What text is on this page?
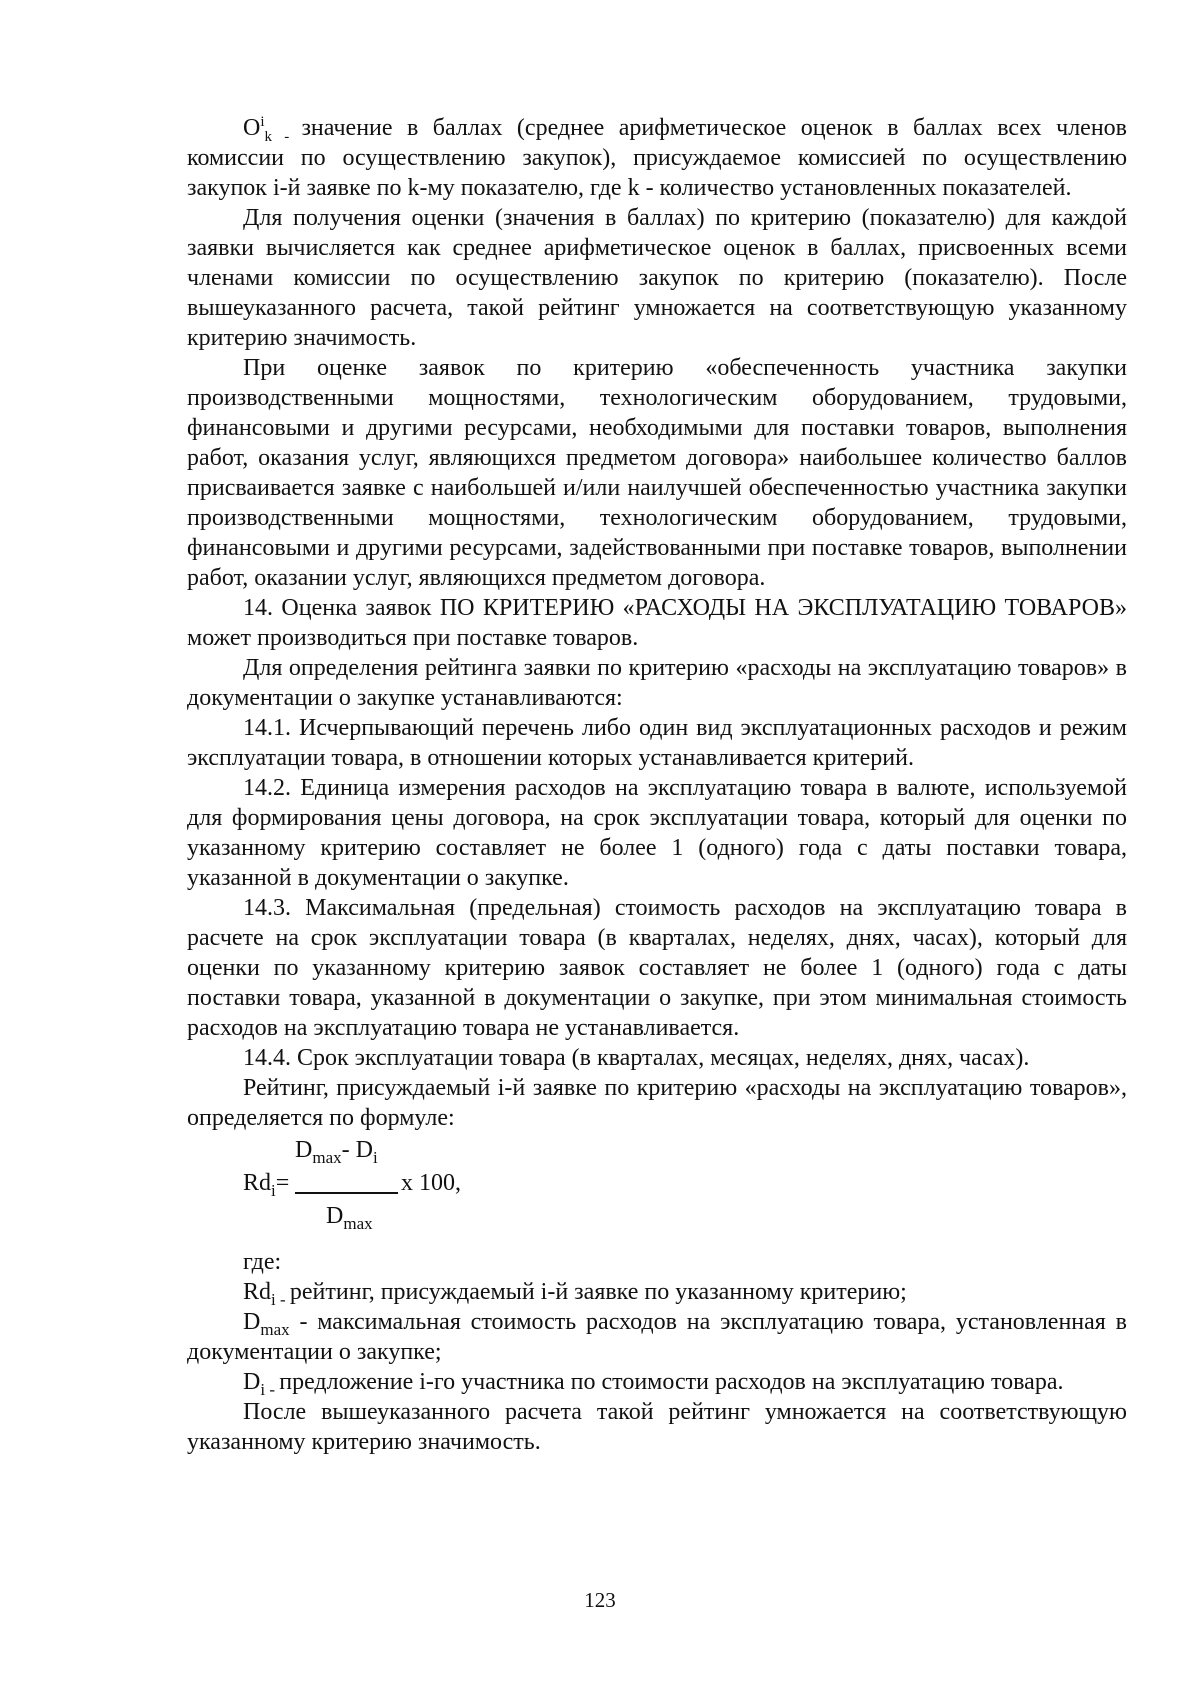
$O^i_{k -}$ значение в баллах (среднее арифметическое оценок в баллах всех членов комиссии по осуществлению закупок), присуждаемое комиссией по осуществлению закупок i-й заявке по k-му показателю, где k - количество установленных показателей.

Для получения оценки (значения в баллах) по критерию (показателю) для каждой заявки вычисляется как среднее арифметическое оценок в баллах, присвоенных всеми членами комиссии по осуществлению закупок по критерию (показателю). После вышеуказанного расчета, такой рейтинг умножается на соответствующую указанному критерию значимость.

При оценке заявок по критерию «обеспеченность участника закупки производственными мощностями, технологическим оборудованием, трудовыми, финансовыми и другими ресурсами, необходимыми для поставки товаров, выполнения работ, оказания услуг, являющихся предметом договора» наибольшее количество баллов присваивается заявке с наибольшей и/или наилучшей обеспеченностью участника закупки производственными мощностями, технологическим оборудованием, трудовыми, финансовыми и другими ресурсами, задействованными при поставке товаров, выполнении работ, оказании услуг, являющихся предметом договора.

14. Оценка заявок ПО КРИТЕРИЮ «РАСХОДЫ НА ЭКСПЛУАТАЦИЮ ТОВАРОВ» может производиться при поставке товаров.

Для определения рейтинга заявки по критерию «расходы на эксплуатацию товаров» в документации о закупке устанавливаются:

14.1. Исчерпывающий перечень либо один вид эксплуатационных расходов и режим эксплуатации товара, в отношении которых устанавливается критерий.

14.2. Единица измерения расходов на эксплуатацию товара в валюте, используемой для формирования цены договора, на срок эксплуатации товара, который для оценки по указанному критерию составляет не более 1 (одного) года с даты поставки товара, указанной в документации о закупке.

14.3. Максимальная (предельная) стоимость расходов на эксплуатацию товара в расчете на срок эксплуатации товара (в кварталах, неделях, днях, часах), который для оценки по указанному критерию заявок составляет не более 1 (одного) года с даты поставки товара, указанной в документации о закупке, при этом минимальная стоимость расходов на эксплуатацию товара не устанавливается.

14.4. Срок эксплуатации товара (в кварталах, месяцах, неделях, днях, часах).

Рейтинг, присуждаемый i-й заявке по критерию «расходы на эксплуатацию товаров», определяется по формуле:

$D_{max}-$ $D_i$
$Rd_i=$	x 100,
$D_{max}$

где:

$Rd_{i -}$ рейтинг, присуждаемый i-й заявке по указанному критерию;

$D_{max}$ - максимальная стоимость расходов на эксплуатацию товара, установленная в документации о закупке;

$D_{i -}$ предложение i-го участника по стоимости расходов на эксплуатацию товара.

После вышеуказанного расчета такой рейтинг умножается на соответствующую указанному критерию значимость.

123
